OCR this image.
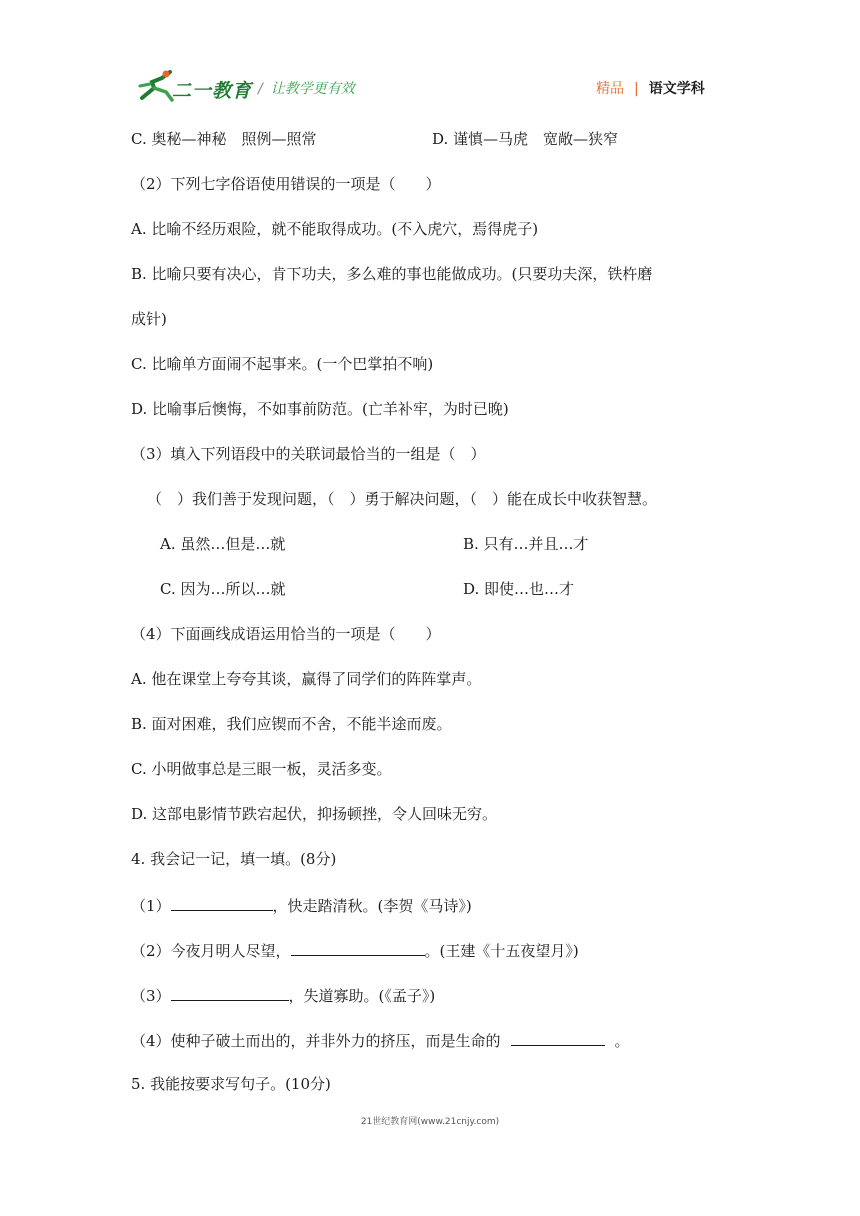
二一教育 / 让教学更有效	精品 | 语文学科
C. 奥秘—神秘　照例—照常	D. 谨慎—马虎　宽敞—狭窄
（2）下列七字俗语使用错误的一项是（　　）
A. 比喻不经历艰险，就不能取得成功。(不入虎穴，焉得虎子)
B. 比喻只要有决心，肯下功夫，多么难的事也能做成功。(只要功夫深，铁杵磨
成针)
C. 比喻单方面闹不起事来。(一个巴掌拍不响)
D. 比喻事后懊悔，不如事前防范。(亡羊补牢，为时已晚)
（3）填入下列语段中的关联词最恰当的一组是（　）
（　）我们善于发现问题，（　）勇于解决问题，（　）能在成长中收获智慧。
A. 虽然…但是…就	B. 只有…并且…才
C. 因为…所以…就	D. 即使…也…才
（4）下面画线成语运用恰当的一项是（　　）
A. 他在课堂上夸夸其谈，赢得了同学们的阵阵掌声。
B. 面对困难，我们应锲而不舍，不能半途而废。
C. 小明做事总是三眼一板，灵活多变。
D. 这部电影情节跌宕起伏，抑扬顿挫，令人回味无穷。
4. 我会记一记，填一填。(8分)
（1）	，快走踏清秋。(李贺《马诗》)
（2）今夜月明人尽望，	。(王建《十五夜望月》)
（3）	，失道寡助。(《孟子》)
（4）使种子破土而出的，并非外力的挤压，而是生命的	。
5. 我能按要求写句子。(10分)
21世纪教育网(www.21cnjy.com)
